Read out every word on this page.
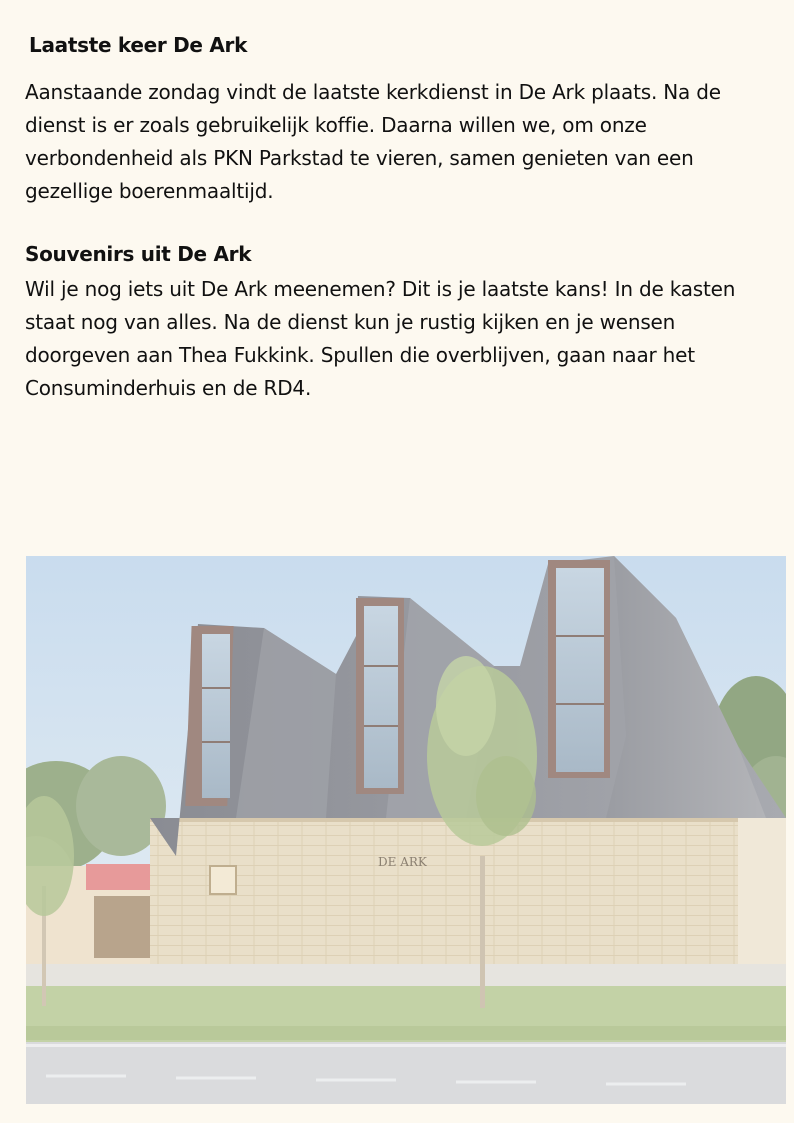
Laatste keer De Ark
Aanstaande zondag vindt de laatste kerkdienst in De Ark plaats. Na de dienst is er zoals gebruikelijk koffie. Daarna willen we, om onze verbondenheid als PKN Parkstad te vieren, samen genieten van een gezellige boerenmaaltijd.
Souvenirs uit De Ark
Wil je nog iets uit De Ark meenemen? Dit is je laatste kans! In de kasten staat nog van alles. Na de dienst kun je rustig kijken en je wensen doorgeven aan Thea Fukkink. Spullen die overblijven, gaan naar het Consuminderhuis en de RD4.
DE ARK
